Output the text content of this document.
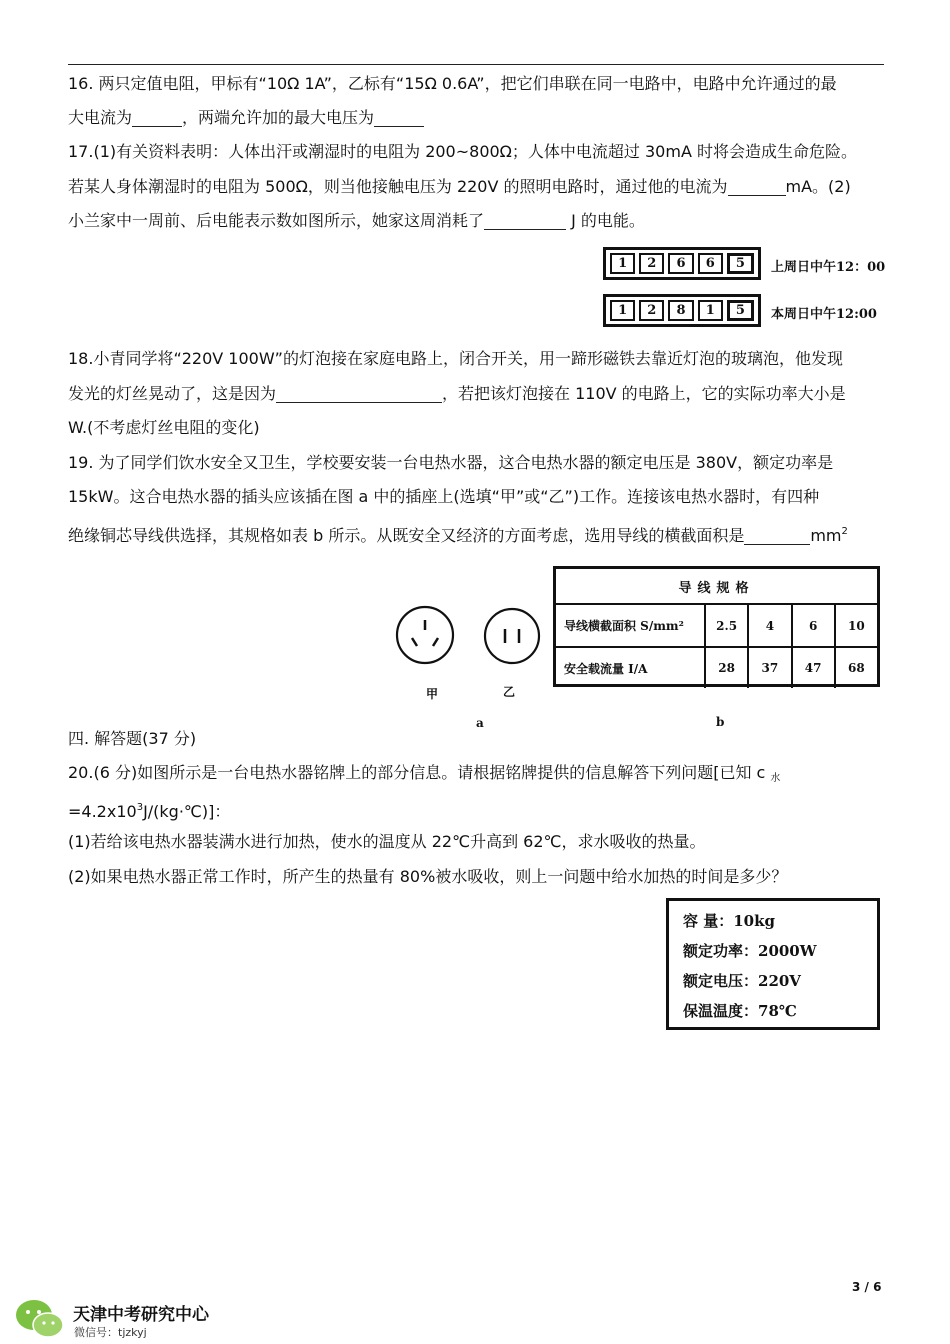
16. 两只定值电阻，甲标有“10Ω 1A”，乙标有“15Ω 0.6A”，把它们串联在同一电路中，电路中允许通过的最
大电流为	，两端允许加的最大电压为
17.(1)有关资料表明：人体出汗或潮湿时的电阻为 200~800Ω；人体中电流超过 30mA 时将会造成生命危险。
若某人身体潮湿时的电阻为 500Ω，则当他接触电压为 220V 的照明电路时，通过他的电流为	mA。(2)
小兰家中一周前、后电能表示数如图所示，她家这周消耗了	J 的电能。
1	2	6	6	5	上周日中午12：00
1	2	8	1	5	本周日中午12:00
18.小青同学将“220V 100W”的灯泡接在家庭电路上，闭合开关，用一蹄形磁铁去靠近灯泡的玻璃泡，他发现
发光的灯丝晃动了，这是因为	，若把该灯泡接在 110V 的电路上，它的实际功率大小是
W.(不考虑灯丝电阻的变化)
19. 为了同学们饮水安全又卫生，学校要安装一台电热水器，这合电热水器的额定电压是 380V，额定功率是
15kW。这合电热水器的插头应该插在图 a 中的插座上(选填“甲”或“乙”)工作。连接该电热水器时，有四种
绝缘铜芯导线供选择，其规格如表 b 所示。从既安全又经济的方面考虑，选用导线的横截面积是	$mm^2$
甲	乙
a
导线规格
导线横截面积 S/mm²	2.5	4	6	10
安全载流量 I/A	28	37	47	68
b
四. 解答题(37 分)
20.(6 分)如图所示是一台电热水器铭牌上的部分信息。请根据铭牌提供的信息解答下列问题[已知 c $_水$
$=4.2x10^3J/(kg\cdot℃)$]：
(1)若给该电热水器装满水进行加热，使水的温度从 22℃升高到 62℃，求水吸收的热量。
(2)如果电热水器正常工作时，所产生的热量有 80%被水吸收，则上一问题中给水加热的时间是多少？
容 量：10kg
额定功率：2000W
额定电压：220V
保温温度：78℃
3 / 6
天津中考研究中心
微信号：tjzkyj
